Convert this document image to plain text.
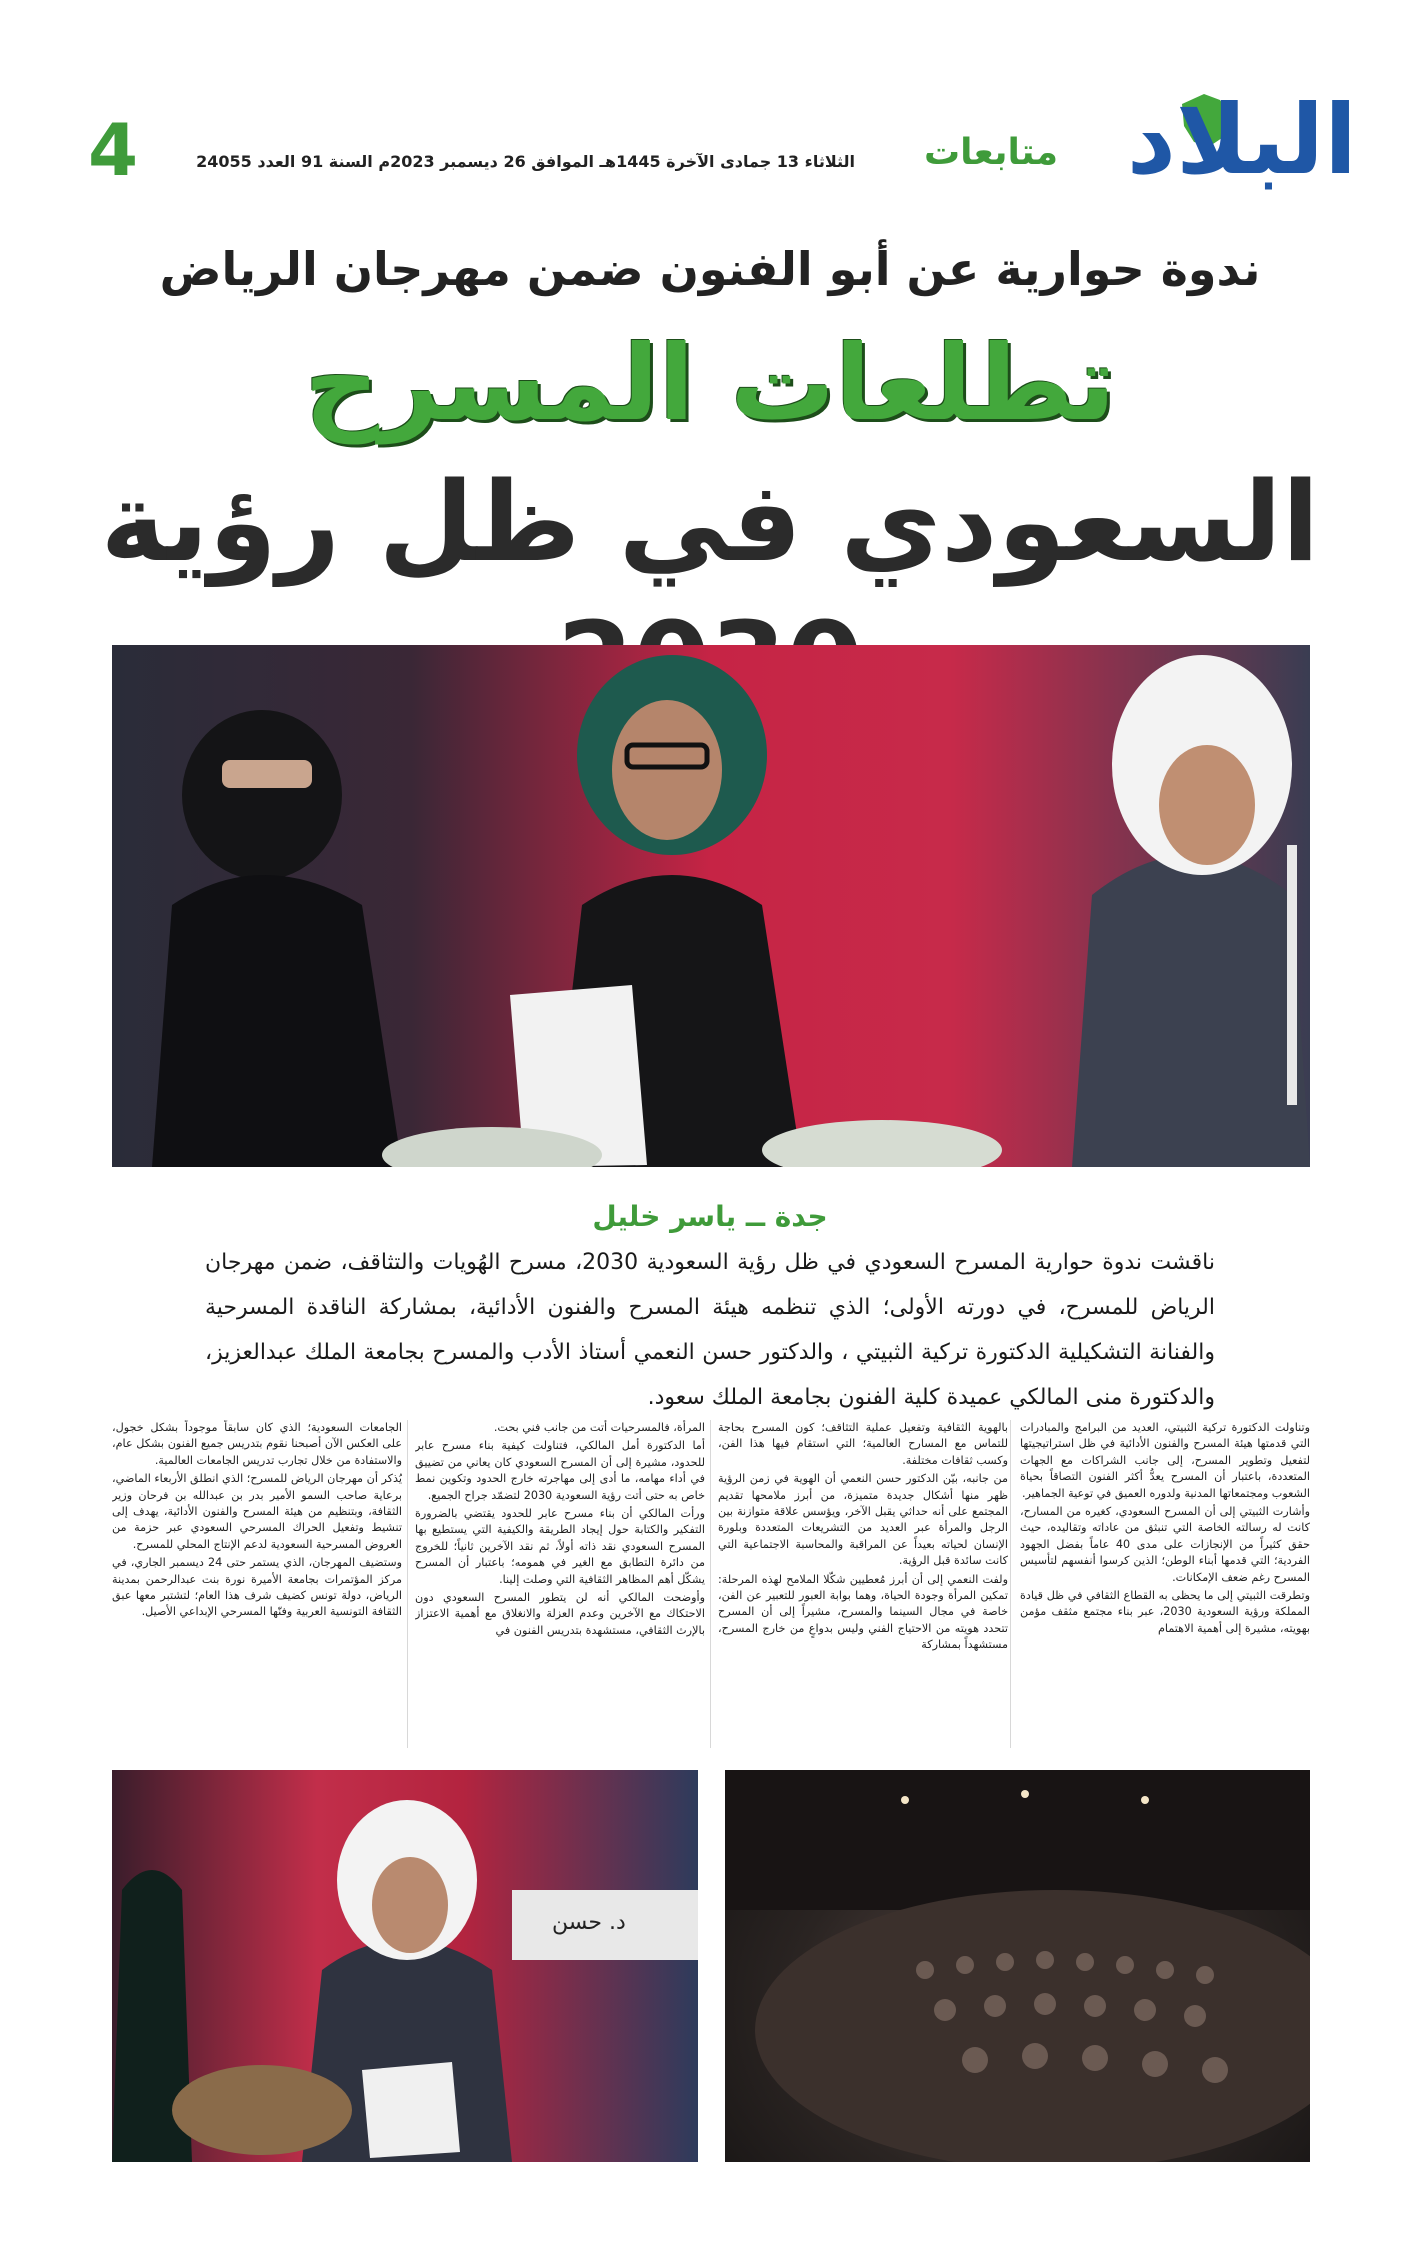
البلاد
متابعات
الثلاثاء 13 جمادى الآخرة 1445هـ الموافق 26 ديسمبر 2023م السنة 91 العدد 24055
4
ندوة حوارية عن أبو الفنون ضمن مهرجان الرياض
تطلعات المسرح
السعودي في ظل رؤية
جدة ــ ياسر خليل
ناقشت ندوة حوارية المسرح السعودي في ظل رؤية السعودية 2030، مسرح الهُويات والتثاقف، ضمن مهرجان الرياض للمسرح، في دورته الأولى؛ الذي تنظمه هيئة المسرح والفنون الأدائية، بمشاركة الناقدة المسرحية والفنانة التشكيلية الدكتورة تركية الثبيتي ، والدكتور حسن النعمي أستاذ الأدب والمسرح بجامعة الملك عبدالعزيز، والدكتورة منى المالكي عميدة كلية الفنون بجامعة الملك سعود.

وتناولت الدكتورة تركية الثبيتي، العديد من البرامج والمبادرات التي قدمتها هيئة المسرح والفنون الأدائية في ظل استراتيجيتها لتفعيل وتطوير المسرح، إلى جانب الشراكات مع الجهات المتعددة، باعتبار أن المسرح يعدُّ أكثر الفنون التصاقاً بحياة الشعوب ومجتمعاتها المدنية ولدوره العميق في توعية الجماهير.

وأشارت الثبيتي إلى أن المسرح السعودي، كغيره من المسارح، كانت له رسالته الخاصة التي تنبثق من عاداته وتقاليده، حيث حقق كثيراً من الإنجازات على مدى 40 عاماً بفضل الجهود الفردية؛ التي قدمها أبناء الوطن؛ الذين كرسوا أنفسهم لتأسيس المسرح رغم ضعف الإمكانات.

وتطرقت الثبيتي إلى ما يحظى به القطاع الثقافي في ظل قيادة المملكة ورؤية السعودية 2030، عبر بناء مجتمع مثقف مؤمن بهويته، مشيرة إلى أهمية الاهتمام

بالهوية الثقافية وتفعيل عملية التثاقف؛ كون المسرح بحاجة للتماس مع المسارح العالمية؛ التي استقام فيها هذا الفن، وكسب ثقافات مختلفة.

من جانبه، بيّن الدكتور حسن النعمي أن الهوية في زمن الرؤية ظهر منها أشكال جديدة متميزة، من أبرز ملامحها تقديم المجتمع على أنه حداثي يقبل الآخر، ويؤسس علاقة متوازنة بين الرجل والمرأة عبر العديد من التشريعات المتعددة وبلورة الإنسان لحياته بعيداً عن المراقبة والمحاسبة الاجتماعية التي كانت سائدة قبل الرؤية.

ولفت النعمي إلى أن أبرز مُعطيين شكّلا الملامح لهذه المرحلة: تمكين المرأة وجودة الحياة، وهما بوابة العبور للتعبير عن الفن، خاصة في مجال السينما والمسرح، مشيراً إلى أن المسرح تتحدد هويته من الاحتياج الفني وليس بدواعٍ من خارج المسرح، مستشهداً بمشاركة

المرأة، فالمسرحيات أتت من جانب فني بحت.

أما الدكتورة أمل المالكي، فتناولت كيفية بناء مسرح عابر للحدود، مشيرة إلى أن المسرح السعودي كان يعاني من تضييق في أداء مهامه، ما أدى إلى مهاجرته خارج الحدود وتكوين نمط خاص به حتى أتت رؤية السعودية 2030 لتضمّد جراح الجميع.

ورأت المالكي أن بناء مسرح عابر للحدود يقتضي بالضرورة التفكير والكتابة حول إيجاد الطريقة والكيفية التي يستطيع بها المسرح السعودي نقد ذاته أولاً، ثم نقد الآخرين ثانياً؛ للخروج من دائرة التطابق مع الغير في همومه؛ باعتبار أن المسرح يشكّل أهم المظاهر الثقافية التي وصلت إلينا.

وأوضحت المالكي أنه لن يتطور المسرح السعودي دون الاحتكاك مع الآخرين وعدم العزلة والانغلاق مع أهمية الاعتزاز بالإرث الثقافي، مستشهدة بتدريس الفنون في

الجامعات السعودية؛ الذي كان سابقاً موجوداً بشكل خجول، على العكس الآن أصبحنا نقوم بتدريس جميع الفنون بشكل عام، والاستفادة من خلال تجارب تدريس الجامعات العالمية.

يُذكر أن مهرجان الرياض للمسرح؛ الذي انطلق الأربعاء الماضي، برعاية صاحب السمو الأمير بدر بن عبدالله بن فرحان وزير الثقافة، وبتنظيم من هيئة المسرح والفنون الأدائية، يهدف إلى تنشيط وتفعيل الحراك المسرحي السعودي عبر حزمة من العروض المسرحية السعودية لدعم الإنتاج المحلي للمسرح.

وستضيف المهرجان، الذي يستمر حتى 24 ديسمبر الجاري، في مركز المؤتمرات بجامعة الأميرة نورة بنت عبدالرحمن بمدينة الرياض، دولة تونس كضيف شرف هذا العام؛ لتشتبر معها عبق الثقافة التونسية العربية وفنّها المسرحي الإبداعي الأصيل.

د. حسن
